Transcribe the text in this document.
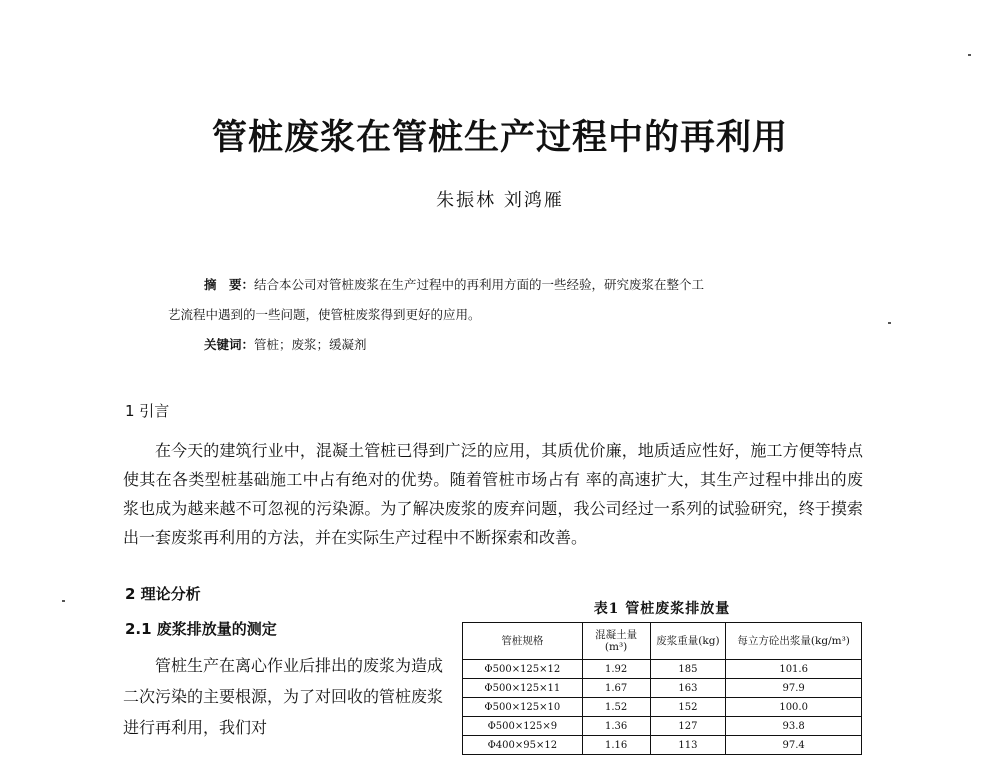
管桩废浆在管桩生产过程中的再利用
朱振林 刘鸿雁
摘　要：结合本公司对管桩废浆在生产过程中的再利用方面的一些经验，研究废浆在整个工
艺流程中遇到的一些问题，使管桩废浆得到更好的应用。
关键词：管桩；废浆；缓凝剂
1 引言

在今天的建筑行业中，混凝土管桩已得到广泛的应用，其质优价廉，地质适应性好，施工方便等特点使其在各类型桩基础施工中占有绝对的优势。随着管桩市场占有 率的高速扩大，其生产过程中排出的废浆也成为越来越不可忽视的污染源。为了解决废浆的废弃问题，我公司经过一系列的试验研究，终于摸索出一套废浆再利用的方法，并在实际生产过程中不断探索和改善。

2 理论分析
2.1 废浆排放量的测定

管桩生产在离心作业后排出的废浆为造成二次污染的主要根源，为了对回收的管桩废浆进行再利用，我们对

表1 管桩废浆排放量
管桩规格	混凝土量(m³)	废浆重量(kg)	每立方砼出浆量(kg/m³)
Φ500×125×12	1.92	185	101.6
Φ500×125×11	1.67	163	97.9
Φ500×125×10	1.52	152	100.0
Φ500×125×9	1.36	127	93.8
Φ400×95×12	1.16	113	97.4
